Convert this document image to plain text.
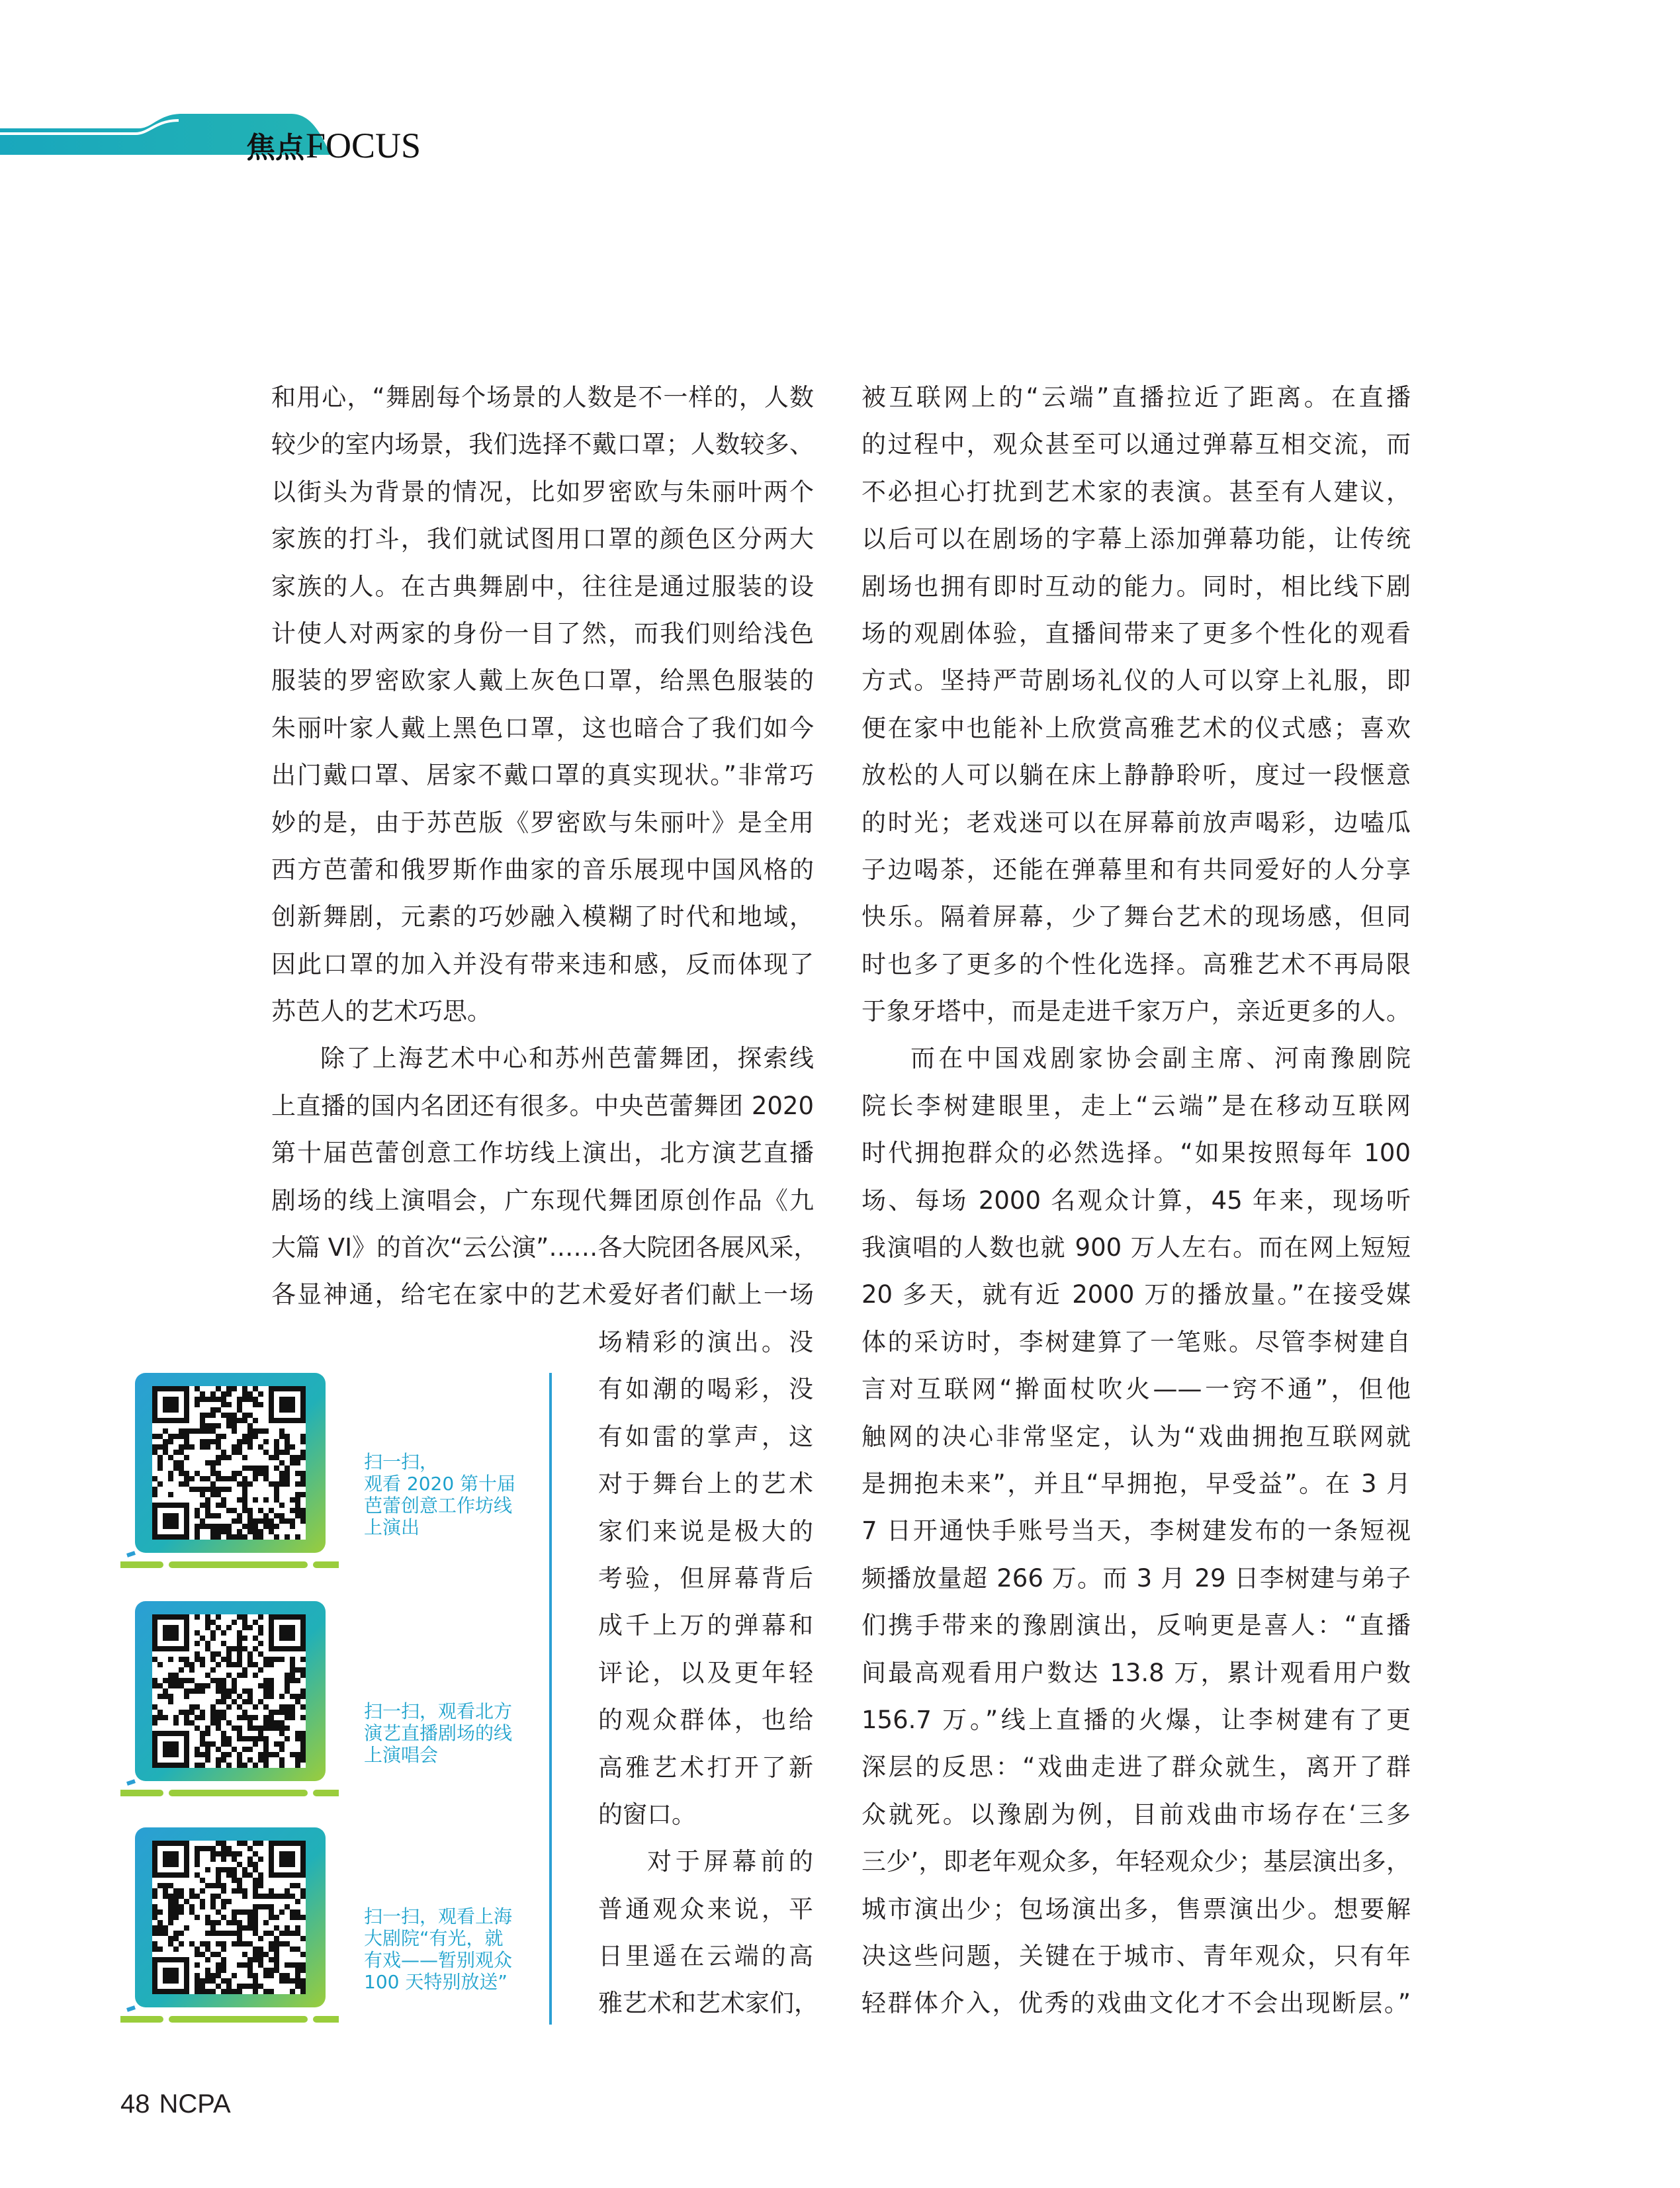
焦点FOCUS
和用心，“舞剧每个场景的人数是不一样的，人数
较少的室内场景，我们选择不戴口罩；人数较多、
以街头为背景的情况，比如罗密欧与朱丽叶两个
家族的打斗，我们就试图用口罩的颜色区分两大
家族的人。在古典舞剧中，往往是通过服装的设
计使人对两家的身份一目了然，而我们则给浅色
服装的罗密欧家人戴上灰色口罩，给黑色服装的
朱丽叶家人戴上黑色口罩，这也暗合了我们如今
出门戴口罩、居家不戴口罩的真实现状。”非常巧
妙的是，由于苏芭版《罗密欧与朱丽叶》是全用
西方芭蕾和俄罗斯作曲家的音乐展现中国风格的
创新舞剧，元素的巧妙融入模糊了时代和地域，
因此口罩的加入并没有带来违和感，反而体现了
苏芭人的艺术巧思。
除了上海艺术中心和苏州芭蕾舞团，探索线
上直播的国内名团还有很多。中央芭蕾舞团 2020
第十届芭蕾创意工作坊线上演出，北方演艺直播
剧场的线上演唱会，广东现代舞团原创作品《九
大篇 VI》的首次“云公演”……各大院团各展风采，
各显神通，给宅在家中的艺术爱好者们献上一场
场精彩的演出。没
有如潮的喝彩，没
有如雷的掌声，这
对于舞台上的艺术
家们来说是极大的
考验，但屏幕背后
成千上万的弹幕和
评论，以及更年轻
的观众群体，也给
高雅艺术打开了新
的窗口。
对于屏幕前的
普通观众来说，平
日里遥在云端的高
雅艺术和艺术家们，
被互联网上的“云端”直播拉近了距离。在直播
的过程中，观众甚至可以通过弹幕互相交流，而
不必担心打扰到艺术家的表演。甚至有人建议，
以后可以在剧场的字幕上添加弹幕功能，让传统
剧场也拥有即时互动的能力。同时，相比线下剧
场的观剧体验，直播间带来了更多个性化的观看
方式。坚持严苛剧场礼仪的人可以穿上礼服，即
便在家中也能补上欣赏高雅艺术的仪式感；喜欢
放松的人可以躺在床上静静聆听，度过一段惬意
的时光；老戏迷可以在屏幕前放声喝彩，边嗑瓜
子边喝茶，还能在弹幕里和有共同爱好的人分享
快乐。隔着屏幕，少了舞台艺术的现场感，但同
时也多了更多的个性化选择。高雅艺术不再局限
于象牙塔中，而是走进千家万户，亲近更多的人。
而在中国戏剧家协会副主席、河南豫剧院
院长李树建眼里，走上“云端”是在移动互联网
时代拥抱群众的必然选择。“如果按照每年 100
场、每场 2000 名观众计算，45 年来，现场听
我演唱的人数也就 900 万人左右。而在网上短短
20 多天，就有近 2000 万的播放量。”在接受媒
体的采访时，李树建算了一笔账。尽管李树建自
言对互联网“擀面杖吹火——一窍不通”，但他
触网的决心非常坚定，认为“戏曲拥抱互联网就
是拥抱未来”，并且“早拥抱，早受益”。在 3 月
7 日开通快手账号当天，李树建发布的一条短视
频播放量超 266 万。而 3 月 29 日李树建与弟子
们携手带来的豫剧演出，反响更是喜人：“直播
间最高观看用户数达 13.8 万，累计观看用户数
156.7 万。”线上直播的火爆，让李树建有了更
深层的反思：“戏曲走进了群众就生，离开了群
众就死。以豫剧为例，目前戏曲市场存在‘三多
三少’，即老年观众多，年轻观众少；基层演出多，
城市演出少；包场演出多，售票演出少。想要解
决这些问题，关键在于城市、青年观众，只有年
轻群体介入，优秀的戏曲文化才不会出现断层。”
扫一扫，
观看 2020 第十届
芭蕾创意工作坊线
上演出
扫一扫，观看北方
演艺直播剧场的线
上演唱会
扫一扫，观看上海
大剧院“有光，就
有戏——暂别观众
100 天特别放送”
48 NCPA
